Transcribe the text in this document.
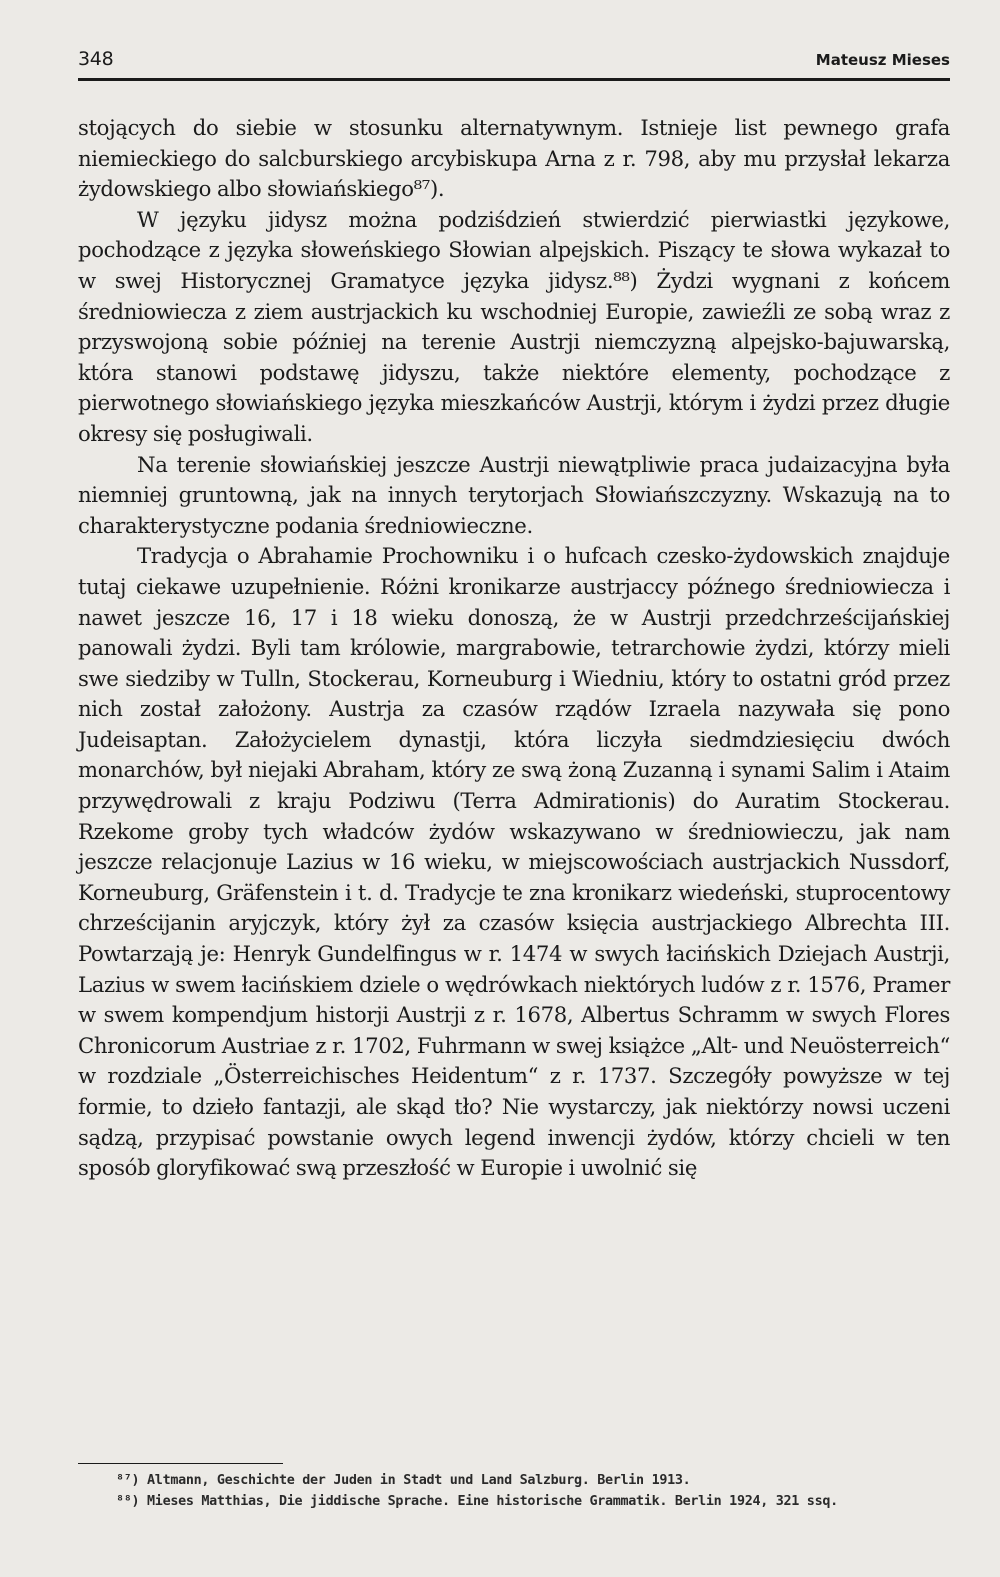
348	Mateusz Mieses

stojących do siebie w stosunku alternatywnym. Istnieje list pewnego grafa niemieckiego do salcburskiego arcybiskupa Arna z r. 798, aby mu przysłał lekarza żydowskiego albo słowiańskiego⁸⁷).

W języku jidysz można podziśdzień stwierdzić pierwiastki językowe, pochodzące z języka słoweńskiego Słowian alpejskich. Piszący te słowa wykazał to w swej Historycznej Gramatyce języka jidysz.⁸⁸) Żydzi wygnani z końcem średniowiecza z ziem austrjackich ku wschodniej Europie, zawieźli ze sobą wraz z przyswojoną sobie później na terenie Austrji niemczyzną alpejsko-bajuwarską, która stanowi podstawę jidyszu, także niektóre elementy, pochodzące z pierwotnego słowiańskiego języka mieszkańców Austrji, którym i żydzi przez długie okresy się posługiwali.

Na terenie słowiańskiej jeszcze Austrji niewątpliwie praca judaizacyjna była niemniej gruntowną, jak na innych terytorjach Słowiańszczyzny. Wskazują na to charakterystyczne podania średniowieczne.

Tradycja o Abrahamie Prochowniku i o hufcach czesko-żydowskich znajduje tutaj ciekawe uzupełnienie. Różni kronikarze austrjaccy późnego średniowiecza i nawet jeszcze 16, 17 i 18 wieku donoszą, że w Austrji przedchrześcijańskiej panowali żydzi. Byli tam królowie, margrabowie, tetrarchowie żydzi, którzy mieli swe siedziby w Tulln, Stockerau, Korneuburg i Wiedniu, który to ostatni gród przez nich został założony. Austrja za czasów rządów Izraela nazywała się pono Judeisaptan. Założycielem dynastji, która liczyła siedmdziesięciu dwóch monarchów, był niejaki Abraham, który ze swą żoną Zuzanną i synami Salim i Ataim przywędrowali z kraju Podziwu (Terra Admirationis) do Auratim Stockerau. Rzekome groby tych władców żydów wskazywano w średniowieczu, jak nam jeszcze relacjonuje Lazius w 16 wieku, w miejscowościach austrjackich Nussdorf, Korneuburg, Gräfenstein i t. d. Tradycje te zna kronikarz wiedeński, stuprocentowy chrześcijanin aryjczyk, który żył za czasów księcia austrjackiego Albrechta III. Powtarzają je: Henryk Gundelfingus w r. 1474 w swych łacińskich Dziejach Austrji, Lazius w swem łacińskiem dziele o wędrówkach niektórych ludów z r. 1576, Pramer w swem kompendjum historji Austrji z r. 1678, Albertus Schramm w swych Flores Chronicorum Austriae z r. 1702, Fuhrmann w swej książce „Alt- und Neuösterreich“ w rozdziale „Österreichisches Heidentum“ z r. 1737. Szczegóły powyższe w tej formie, to dzieło fantazji, ale skąd tło? Nie wystarczy, jak niektórzy nowsi uczeni sądzą, przypisać powstanie owych legend inwencji żydów, którzy chcieli w ten sposób gloryfikować swą przeszłość w Europie i uwolnić się

⁸⁷) Altmann, Geschichte der Juden in Stadt und Land Salzburg. Berlin 1913.

⁸⁸) Mieses Matthias, Die jiddische Sprache. Eine historische Grammatik. Berlin 1924, 321 ssq.
